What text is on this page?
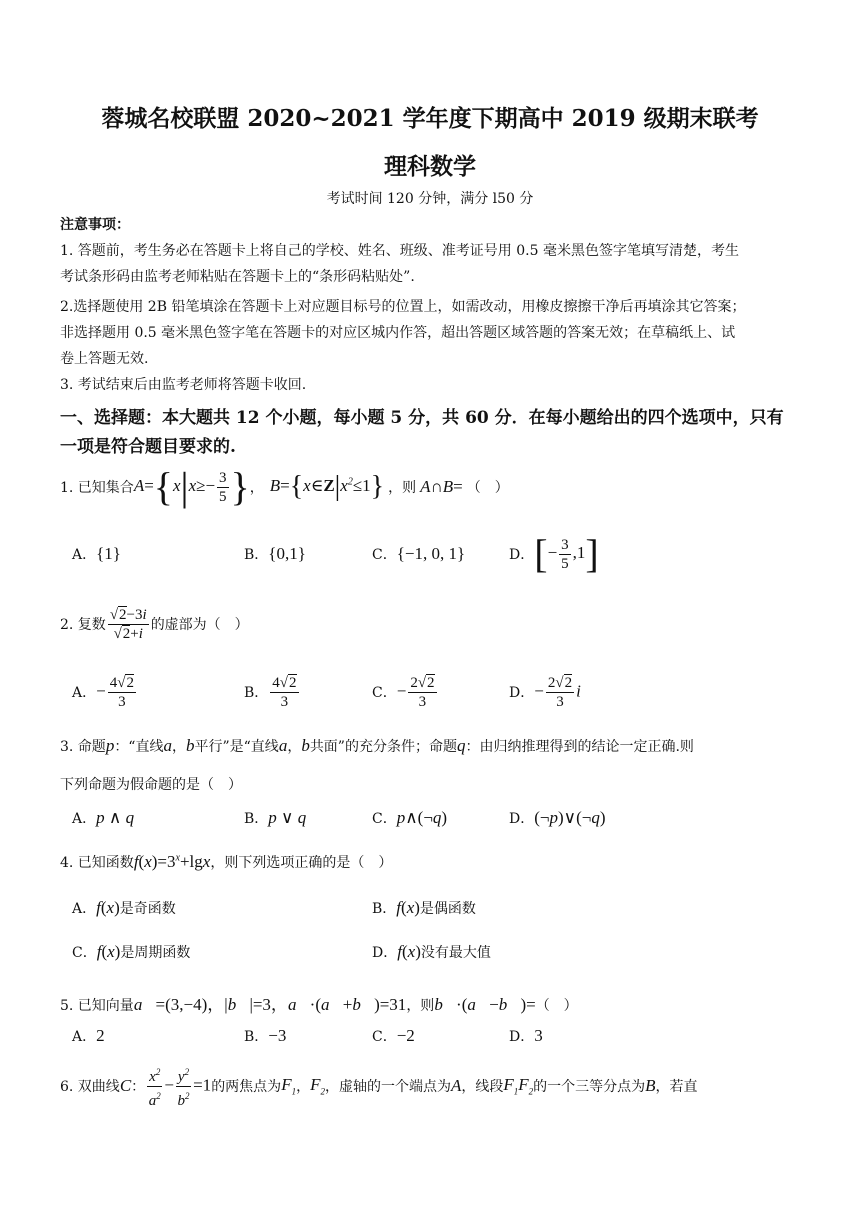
蓉城名校联盟 2020~2021 学年度下期高中 2019 级期末联考
理科数学
考试时间 120 分钟，满分 l50 分
注意事项：
1. 答题前，考生务必在答题卡上将自己的学校、姓名、班级、准考证号用 0.5 毫米黑色签字笔填写清楚，考生
考试条形码由监考老师粘贴在答题卡上的“条形码粘贴处”.
2.选择题使用 2B 铅笔填涂在答题卡上对应题目标号的位置上，如需改动，用橡皮擦擦干净后再填涂其它答案；
非选择题用 0.5 毫米黑色签字笔在答题卡的对应区城内作答，超出答题区域答题的答案无效；在草稿纸上、试
卷上答题无效.
3. 考试结束后由监考老师将答题卡收回.
一、选择题：本大题共 12 个小题，每小题 5 分，共 60 分．在每小题给出的四个选项中，只有
一项是符合题目要求的.
1. 已知集合 $A=\{x|x\ge- \frac{3}{5}$ } ， $B=\{x\in Z|x^2\le 1\}$ ，则 A∩B= （　）
A．{1}	B．{0,1}	C．{−1, 0, 1}	D． [− $\frac{3}{5} ,1$]
2. 复数 $\frac{√2-3i}{√2+i}$ 的虚部为（　）
A． − $\frac{4√2}{3}$	B． $\frac{4√2}{3}$	C． − $\frac{2√2}{3}$	D． − $\frac{2√2}{3}$ i
3. 命题p：“直线a，b平行”是“直线a，b共面”的充分条件；命题q：由归纳推理得到的结论一定正确.则
下列命题为假命题的是（　）
A．p ∧ q	B．p ∨ q	C．p∧(¬q)	D．(¬p)∨(¬q)
4. 已知函数$f(x)=3^x+\lg x$，则下列选项正确的是（　）
A．f(x)是奇函数	B．f(x)是偶函数
C．f(x)是周期函数	D．f(x)没有最大值
5. 已知向量a⃗=(3,−4)，|b⃗|=3，a⃗·(a⃗+b⃗)=31，则b⃗·(a⃗−b⃗)=（　）
A．2	B．−3	C．−2	D．3
6. 双曲线 C ： $\frac{x^2}{a^2} - \frac{y^2}{b^2} =1$ 的两焦点为 $F_1$ ， $F_2$ ，虚轴的一个端点为 A ，线段 $F_1F_2$ 的一个三等分点为 B ，若直
